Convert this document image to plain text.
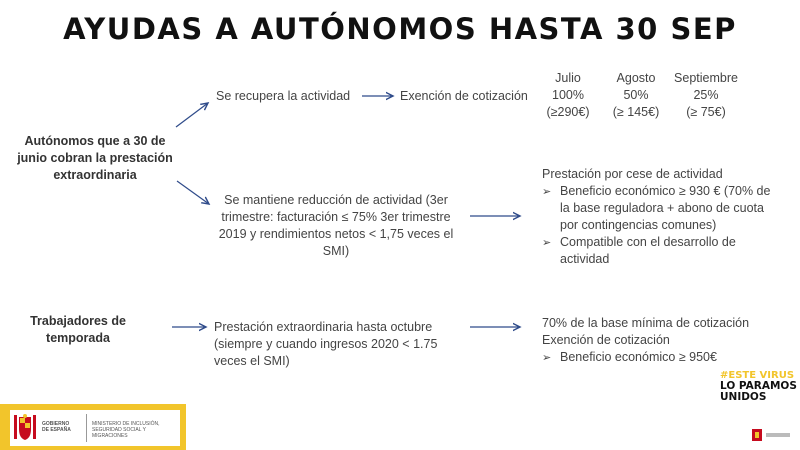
AYUDAS A AUTÓNOMOS HASTA 30 SEP
Autónomos que a 30 de junio cobran la prestación extraordinaria
Trabajadores de temporada
Se recupera la actividad	Exención de cotización
Julio
100%
(≥290€)
Agosto
50%
(≥ 145€)
Septiembre
25%
(≥ 75€)
Se mantiene reducción de actividad (3er trimestre: facturación ≤ 75% 3er trimestre 2019 y rendimientos netos < 1,75 veces el SMI)
Prestación por cese de actividad
➢ Beneficio económico ≥ 930 € (70% de la base reguladora + abono de cuota por contingencias comunes)
➢ Compatible con el desarrollo de actividad
Prestación extraordinaria hasta octubre (siempre y cuando ingresos 2020 < 1.75 veces el SMI)
70% de la base mínima de cotización
Exención de cotización
➢ Beneficio económico ≥ 950€
GOBIERNO
DE ESPAÑA
MINISTERIO DE INCLUSIÓN, SEGURIDAD SOCIAL Y MIGRACIONES
#ESTE VIRUS
LO PARAMOS UNIDOS
